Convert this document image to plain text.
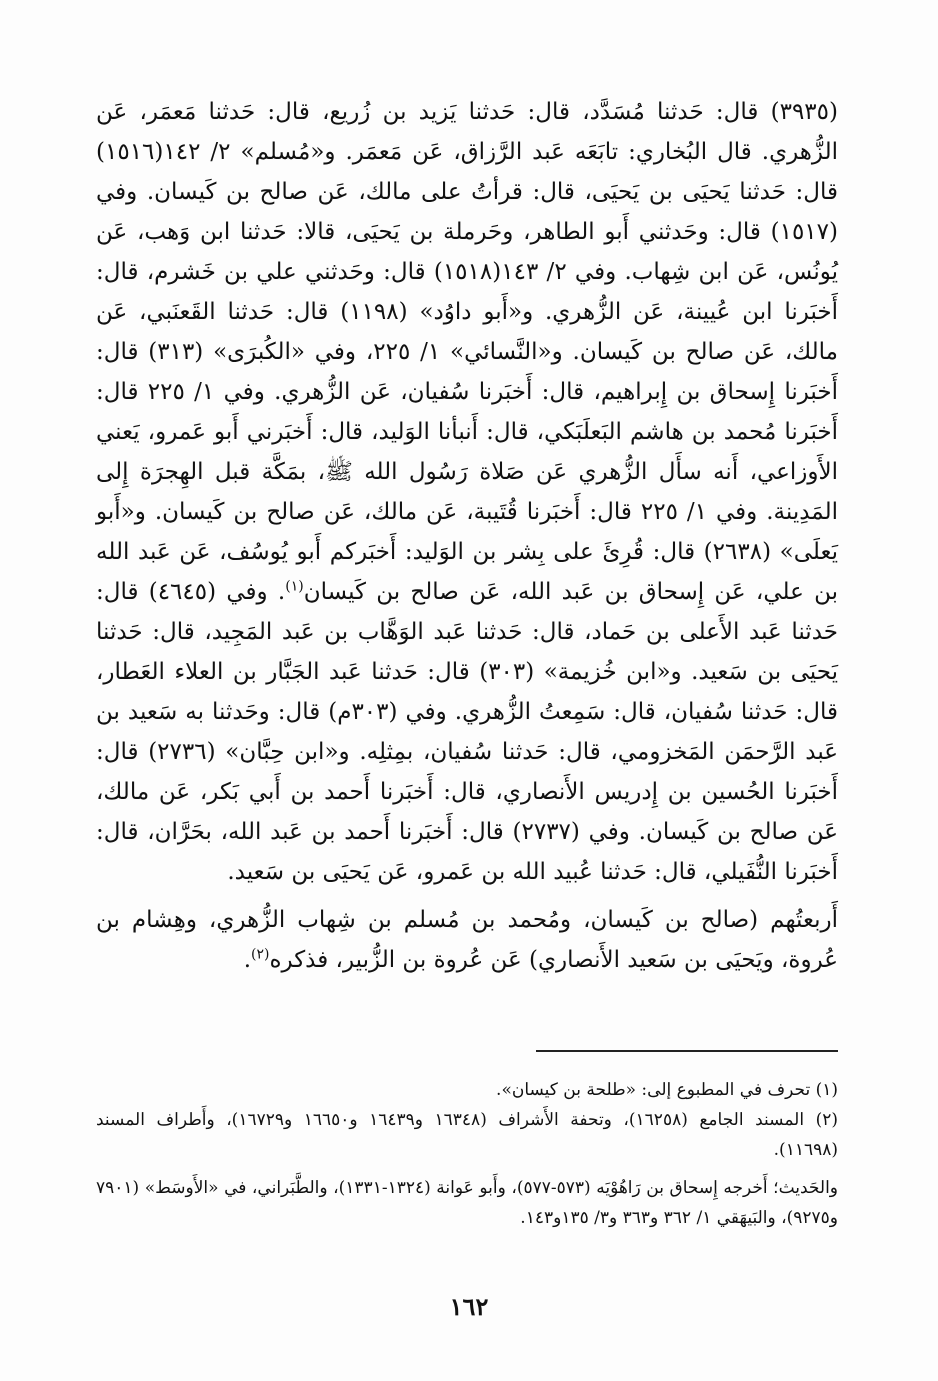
(٣٩٣٥) قال: حَدثنا مُسَدَّد، قال: حَدثنا يَزيد بن زُريع، قال: حَدثنا مَعمَر، عَن الزُّهري. قال البُخاري: تابَعَه عَبد الرَّزاق، عَن مَعمَر. و«مُسلم» ٢/ ١٤٢(١٥١٦) قال: حَدثنا يَحيَى بن يَحيَى، قال: قرأتُ على مالك، عَن صالح بن كَيسان. وفي (١٥١٧) قال: وحَدثني أَبو الطاهر، وحَرملة بن يَحيَى، قالا: حَدثنا ابن وَهب، عَن يُونُس، عَن ابن شِهاب. وفي ٢/ ١٤٣(١٥١٨) قال: وحَدثني علي بن خَشرم، قال: أَخبَرنا ابن عُيينة، عَن الزُّهري. و«أَبو داوُد» (١١٩٨) قال: حَدثنا القَعنَبي، عَن مالك، عَن صالح بن كَيسان. و«النَّسائي» ١/ ٢٢٥، وفي «الكُبرَى» (٣١٣) قال: أَخبَرنا إِسحاق بن إِبراهيم، قال: أَخبَرنا سُفيان، عَن الزُّهري. وفي ١/ ٢٢٥ قال: أَخبَرنا مُحمد بن هاشم البَعلَبَكي، قال: أَنبأنا الوَليد، قال: أَخبَرني أَبو عَمرو، يَعني الأَوزاعي، أَنه سأَل الزُّهري عَن صَلاة رَسُول الله ﷺ، بمَكَّة قبل الهِجرَة إِلى المَدِينة. وفي ١/ ٢٢٥ قال: أَخبَرنا قُتَيبة، عَن مالك، عَن صالح بن كَيسان. و«أَبو يَعلَى» (٢٦٣٨) قال: قُرِئَ على بِشر بن الوَليد: أَخبَركم أَبو يُوسُف، عَن عَبد الله بن علي، عَن إِسحاق بن عَبد الله، عَن صالح بن كَيسان$^{(١)}$. وفي (٤٦٤٥) قال: حَدثنا عَبد الأَعلى بن حَماد، قال: حَدثنا عَبد الوَهَّاب بن عَبد المَجِيد، قال: حَدثنا يَحيَى بن سَعيد. و«ابن خُزيمة» (٣٠٣) قال: حَدثنا عَبد الجَبَّار بن العلاء العَطار، قال: حَدثنا سُفيان، قال: سَمِعتُ الزُّهري. وفي (٣٠٣م) قال: وحَدثنا به سَعيد بن عَبد الرَّحمَن المَخزومي، قال: حَدثنا سُفيان، بمِثلِه. و«ابن حِبَّان» (٢٧٣٦) قال: أَخبَرنا الحُسين بن إِدريس الأَنصاري، قال: أَخبَرنا أَحمد بن أَبي بَكر، عَن مالك، عَن صالح بن كَيسان. وفي (٢٧٣٧) قال: أَخبَرنا أَحمد بن عَبد الله، بحَرَّان، قال: أَخبَرنا النُّفَيلي، قال: حَدثنا عُبيد الله بن عَمرو، عَن يَحيَى بن سَعيد.

أَربعتُهم (صالح بن كَيسان، ومُحمد بن مُسلم بن شِهاب الزُّهري، وهِشام بن عُروة، ويَحيَى بن سَعيد الأَنصاري) عَن عُروة بن الزُّبير، فذكره$^{(٢)}$.

(١) تحرف في المطبوع إلى: «طلحة بن كيسان».

(٢) المسند الجامع (١٦٢٥٨)، وتحفة الأَشراف (١٦٣٤٨ و١٦٤٣٩ و١٦٦٥٠ و١٦٧٢٩)، وأَطراف المسند (١١٦٩٨).

والحَديث؛ أَخرجه إِسحاق بن رَاهُوْيَه (٥٧٣-٥٧٧)، وأَبو عَوانة (١٣٢٤-١٣٣١)، والطَّبَراني، في «الأَوسَط» (٧٩٠١ و٩٢٧٥)، والبَيهَقي ١/ ٣٦٢ و٣٦٣ و٣/ ١٣٥و١٤٣.

١٦٢
